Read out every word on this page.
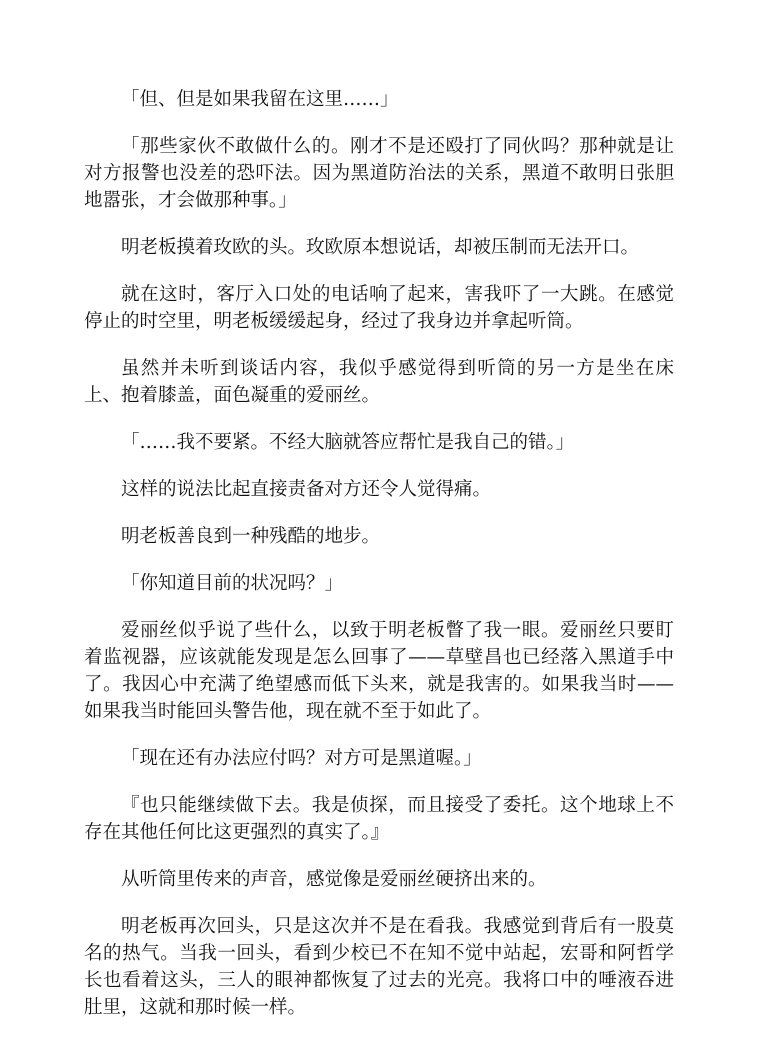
「但、但是如果我留在这里……」

「那些家伙不敢做什么的。刚才不是还殴打了同伙吗？那种就是让对方报警也没差的恐吓法。因为黑道防治法的关系，黑道不敢明日张胆地嚣张，才会做那种事。」

明老板摸着玫欧的头。玫欧原本想说话，却被压制而无法开口。

就在这时，客厅入口处的电话响了起来，害我吓了一大跳。在感觉停止的时空里，明老板缓缓起身，经过了我身边并拿起听筒。

虽然并未听到谈话内容，我似乎感觉得到听筒的另一方是坐在床上、抱着膝盖，面色凝重的爱丽丝。

「……我不要紧。不经大脑就答应帮忙是我自己的错。」

这样的说法比起直接责备对方还令人觉得痛。

明老板善良到一种残酷的地步。

「你知道目前的状况吗？」

爱丽丝似乎说了些什么，以致于明老板瞥了我一眼。爱丽丝只要盯着监视器，应该就能发现是怎么回事了——草壁昌也已经落入黑道手中了。我因心中充满了绝望感而低下头来，就是我害的。如果我当时——如果我当时能回头警告他，现在就不至于如此了。

「现在还有办法应付吗？对方可是黑道喔。」

『也只能继续做下去。我是侦探，而且接受了委托。这个地球上不存在其他任何比这更强烈的真实了。』

从听筒里传来的声音，感觉像是爱丽丝硬挤出来的。

明老板再次回头，只是这次并不是在看我。我感觉到背后有一股莫名的热气。当我一回头，看到少校已不在知不觉中站起，宏哥和阿哲学长也看着这头，三人的眼神都恢复了过去的光亮。我将口中的唾液吞进肚里，这就和那时候一样。
